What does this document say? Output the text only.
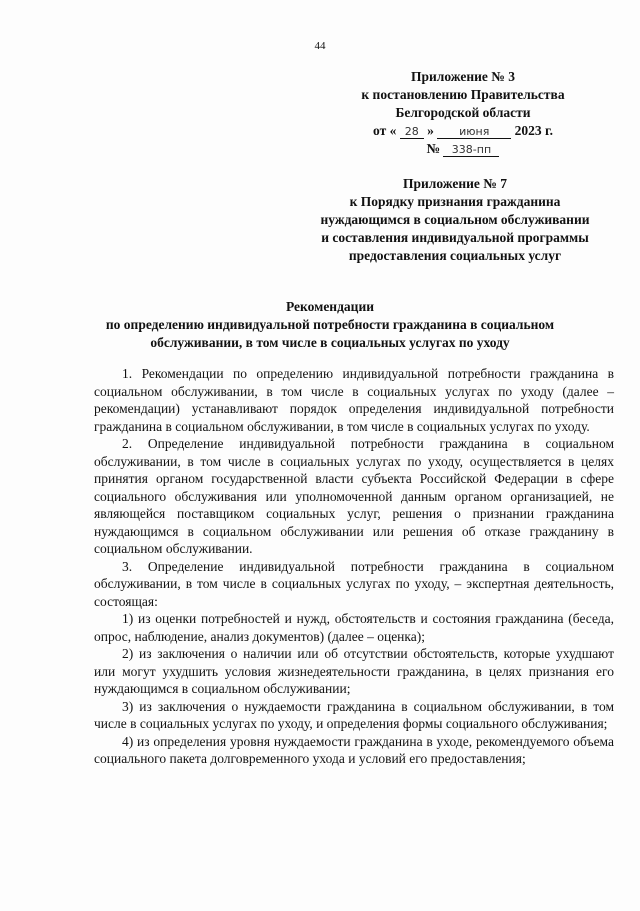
44
Приложение № 3
к постановлению Правительства
Белгородской области
от « 28 » июня 2023 г.
№ 338-пп
Приложение № 7
к Порядку признания гражданина
нуждающимся в социальном обслуживании
и составления индивидуальной программы
предоставления социальных услуг
Рекомендации
по определению индивидуальной потребности гражданина в социальном
обслуживании, в том числе в социальных услугах по уходу

1. Рекомендации по определению индивидуальной потребности гражданина в социальном обслуживании, в том числе в социальных услугах по уходу (далее – рекомендации) устанавливают порядок определения индивидуальной потребности гражданина в социальном обслуживании, в том числе в социальных услугах по уходу.

2. Определение индивидуальной потребности гражданина в социальном обслуживании, в том числе в социальных услугах по уходу, осуществляется в целях принятия органом государственной власти субъекта Российской Федерации в сфере социального обслуживания или уполномоченной данным органом организацией, не являющейся поставщиком социальных услуг, решения о признании гражданина нуждающимся в социальном обслуживании или решения об отказе гражданину в социальном обслуживании.

3. Определение индивидуальной потребности гражданина в социальном обслуживании, в том числе в социальных услугах по уходу, – экспертная деятельность, состоящая:

1) из оценки потребностей и нужд, обстоятельств и состояния гражданина (беседа, опрос, наблюдение, анализ документов) (далее – оценка);

2) из заключения о наличии или об отсутствии обстоятельств, которые ухудшают или могут ухудшить условия жизнедеятельности гражданина, в целях признания его нуждающимся в социальном обслуживании;

3) из заключения о нуждаемости гражданина в социальном обслуживании, в том числе в социальных услугах по уходу, и определения формы социального обслуживания;

4) из определения уровня нуждаемости гражданина в уходе, рекомендуемого объема социального пакета долговременного ухода и условий его предоставления;
